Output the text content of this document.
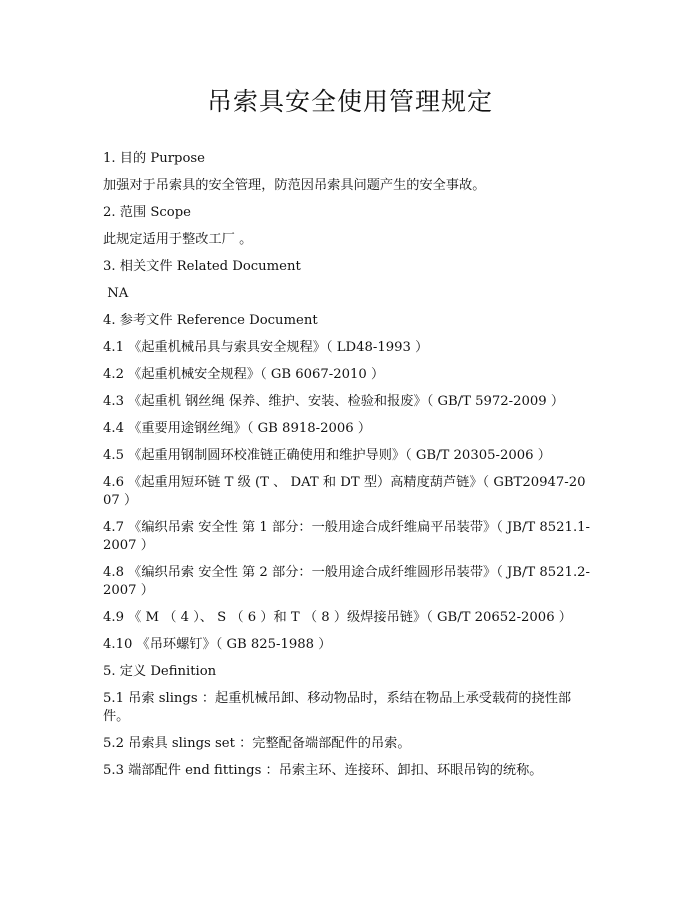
吊索具安全使用管理规定

1. 目的 Purpose

加强对于吊索具的安全管理，防范因吊索具问题产生的安全事故。

2. 范围 Scope

此规定适用于整改工厂 。

3. 相关文件 Related Document

NA

4. 参考文件 Reference Document

4.1 《起重机械吊具与索具安全规程》（ LD48-1993 ）

4.2 《起重机械安全规程》（ GB 6067-2010 ）

4.3 《起重机 钢丝绳 保养、维护、安装、检验和报废》（ GB/T 5972-2009 ）

4.4 《重要用途钢丝绳》（ GB 8918-2006 ）

4.5 《起重用钢制圆环校准链正确使用和维护导则》（ GB/T 20305-2006 ）

4.6 《起重用短环链 T 级 (T 、 DAT 和 DT 型）高精度葫芦链》（ GBT20947-2007 ）

4.7 《编织吊索 安全性 第 1 部分：一般用途合成纤维扁平吊装带》（ JB/T 8521.1-2007 ）

4.8 《编织吊索 安全性 第 2 部分：一般用途合成纤维圆形吊装带》（ JB/T 8521.2-2007 ）

4.9 《 M （ 4 ）、 S （ 6 ）和 T （ 8 ）级焊接吊链》（ GB/T 20652-2006 ）

4.10 《吊环螺钉》（ GB 825-1988 ）

5. 定义 Definition

5.1 吊索 slings ：起重机械吊卸、移动物品时，系结在物品上承受载荷的挠性部件。

5.2 吊索具 slings set ：完整配备端部配件的吊索。

5.3 端部配件 end fittings ：吊索主环、连接环、卸扣、环眼吊钩的统称。
